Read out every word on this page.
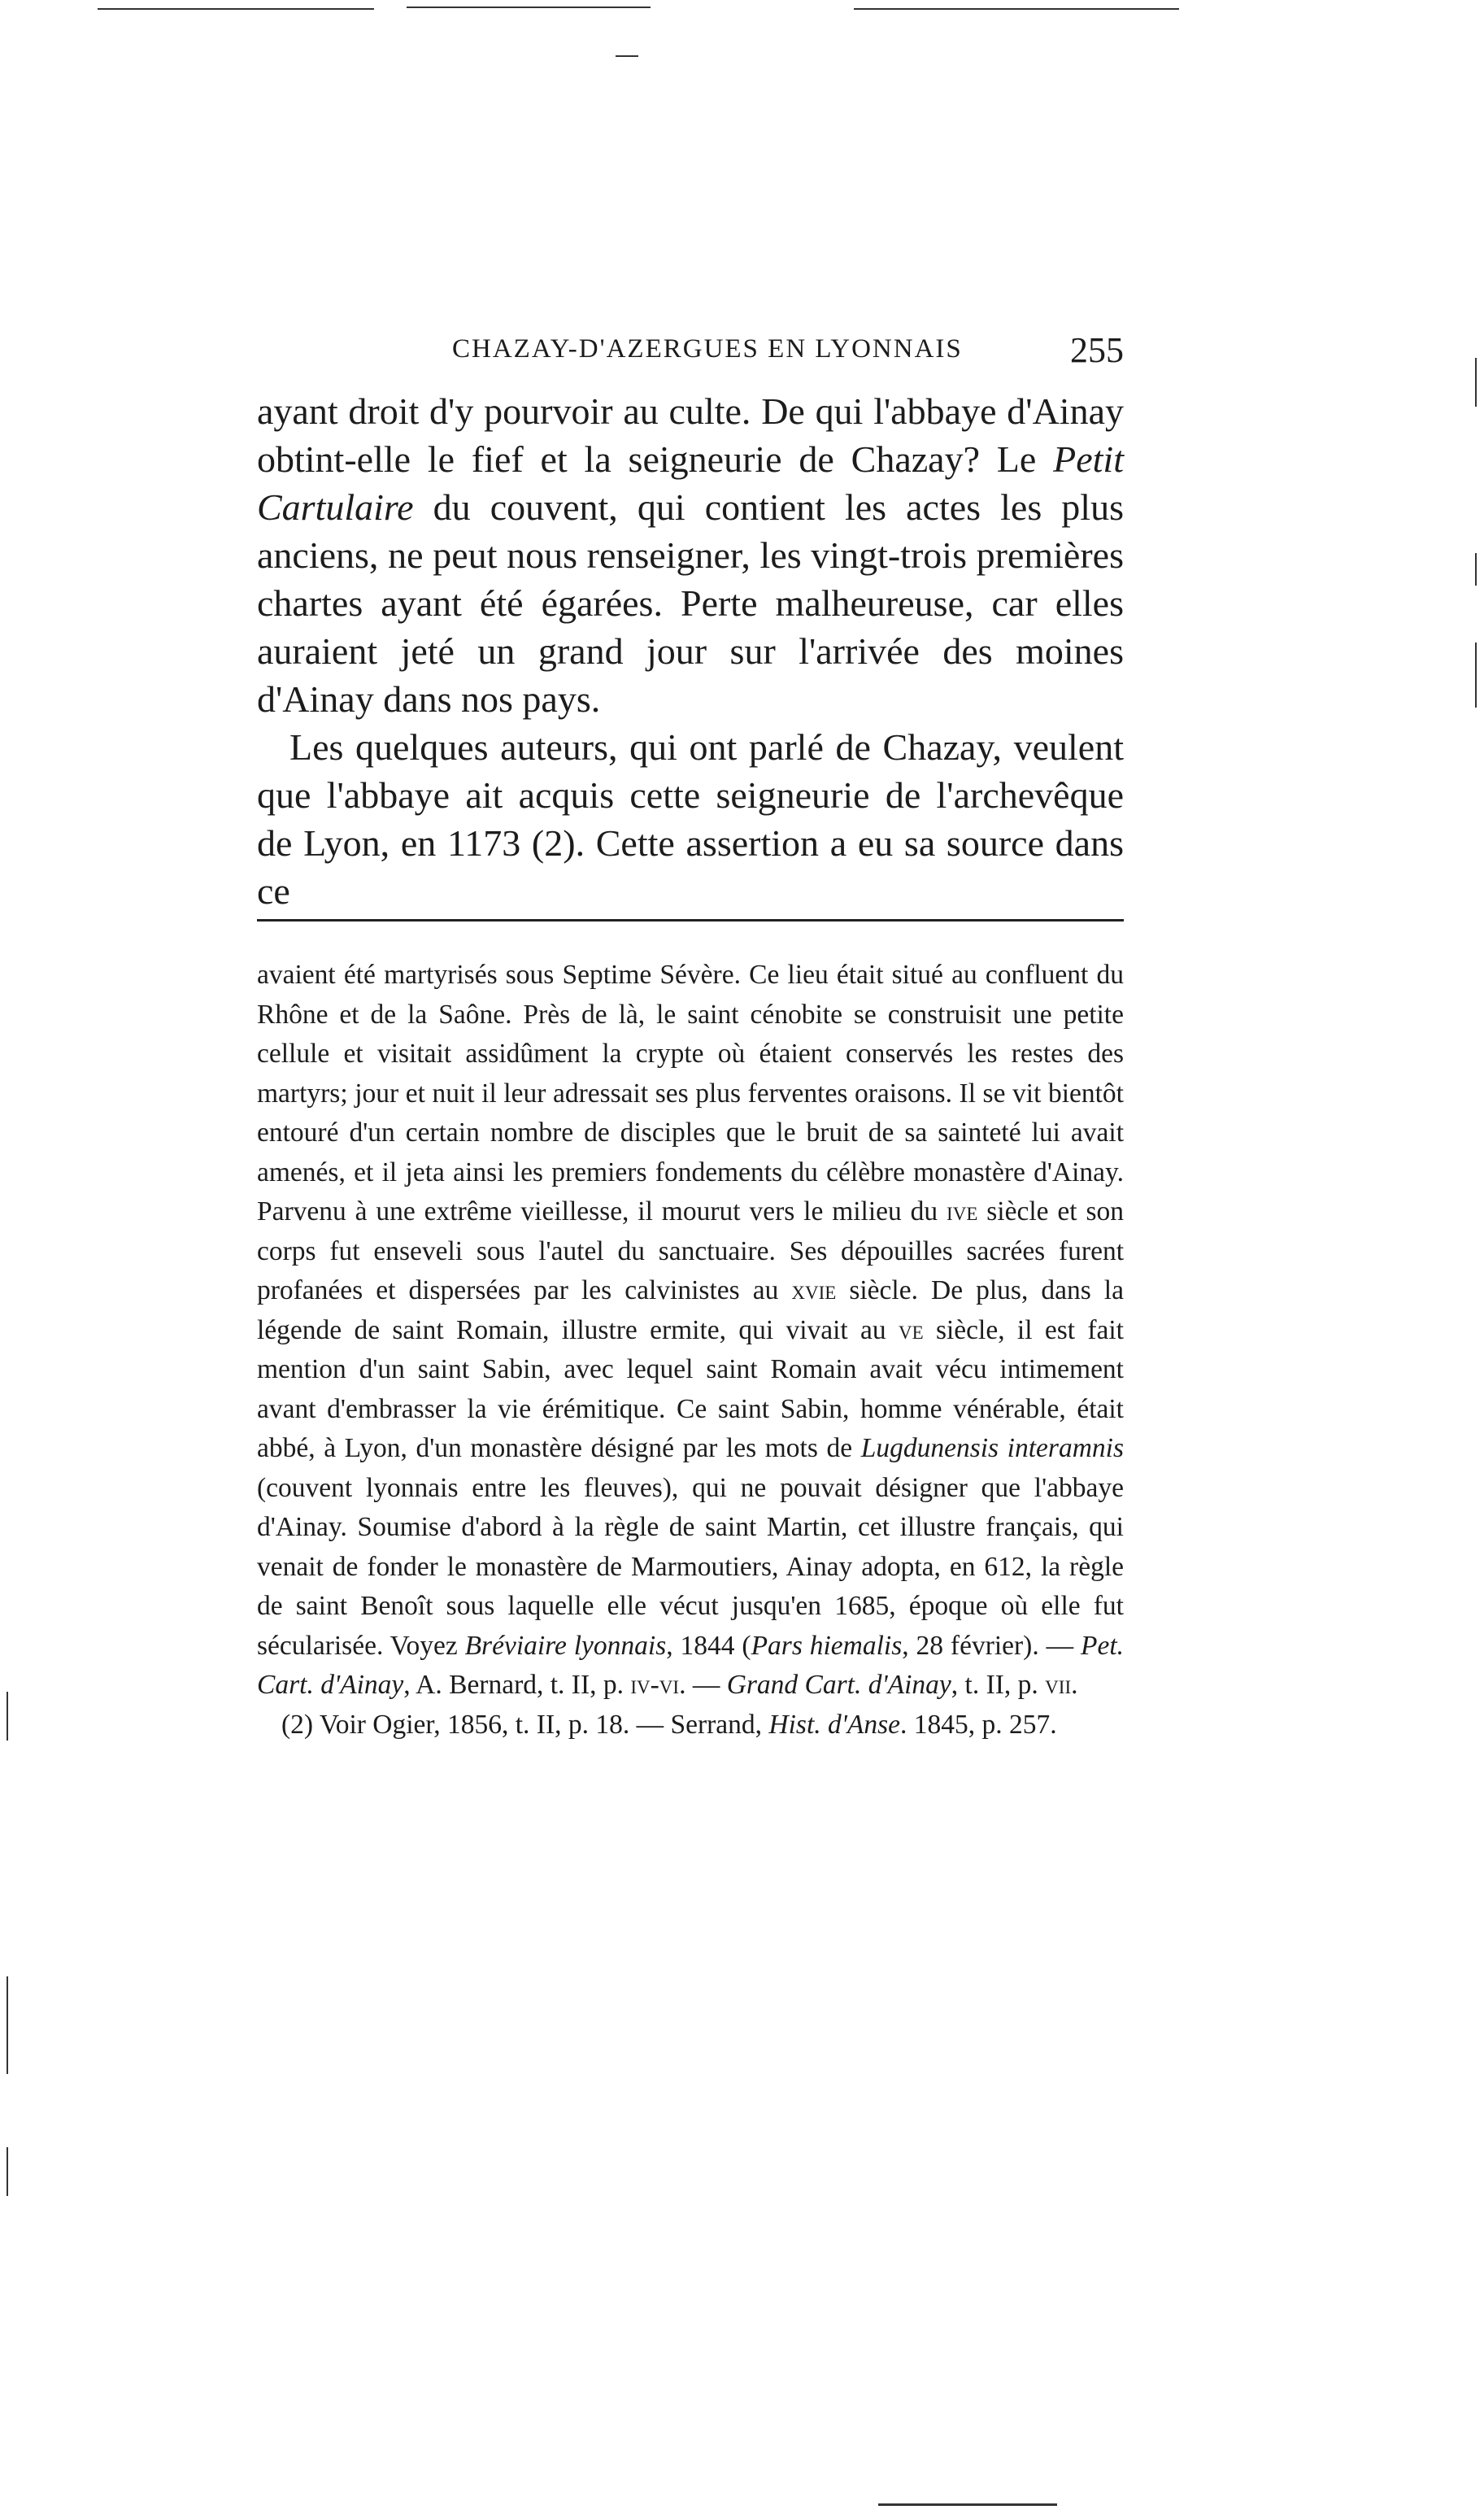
CHAZAY-D'AZERGUES EN LYONNAIS	255

ayant droit d'y pourvoir au culte. De qui l'abbaye d'Ainay obtint-elle le fief et la seigneurie de Chazay? Le Petit Cartulaire du couvent, qui contient les actes les plus anciens, ne peut nous renseigner, les vingt-trois premières chartes ayant été égarées. Perte malheureuse, car elles auraient jeté un grand jour sur l'arrivée des moines d'Ainay dans nos pays.

Les quelques auteurs, qui ont parlé de Chazay, veulent que l'abbaye ait acquis cette seigneurie de l'archevêque de Lyon, en 1173 (2). Cette assertion a eu sa source dans ce

avaient été martyrisés sous Septime Sévère. Ce lieu était situé au confluent du Rhône et de la Saône. Près de là, le saint cénobite se construisit une petite cellule et visitait assidûment la crypte où étaient conservés les restes des martyrs; jour et nuit il leur adressait ses plus ferventes oraisons. Il se vit bientôt entouré d'un certain nombre de disciples que le bruit de sa sainteté lui avait amenés, et il jeta ainsi les premiers fondements du célèbre monastère d'Ainay. Parvenu à une extrême vieillesse, il mourut vers le milieu du ive siècle et son corps fut enseveli sous l'autel du sanctuaire. Ses dépouilles sacrées furent profanées et dispersées par les calvinistes au xvie siècle. De plus, dans la légende de saint Romain, illustre ermite, qui vivait au ve siècle, il est fait mention d'un saint Sabin, avec lequel saint Romain avait vécu intimement avant d'embrasser la vie érémitique. Ce saint Sabin, homme vénérable, était abbé, à Lyon, d'un monastère désigné par les mots de Lugdunensis interamnis (couvent lyonnais entre les fleuves), qui ne pouvait désigner que l'abbaye d'Ainay. Soumise d'abord à la règle de saint Martin, cet illustre français, qui venait de fonder le monastère de Marmoutiers, Ainay adopta, en 612, la règle de saint Benoît sous laquelle elle vécut jusqu'en 1685, époque où elle fut sécularisée. Voyez Bréviaire lyonnais, 1844 (Pars hiemalis, 28 février). — Pet. Cart. d'Ainay, A. Bernard, t. II, p. iv-vi. — Grand Cart. d'Ainay, t. II, p. vii.

(2) Voir Ogier, 1856, t. II, p. 18. — Serrand, Hist. d'Anse. 1845, p. 257.
